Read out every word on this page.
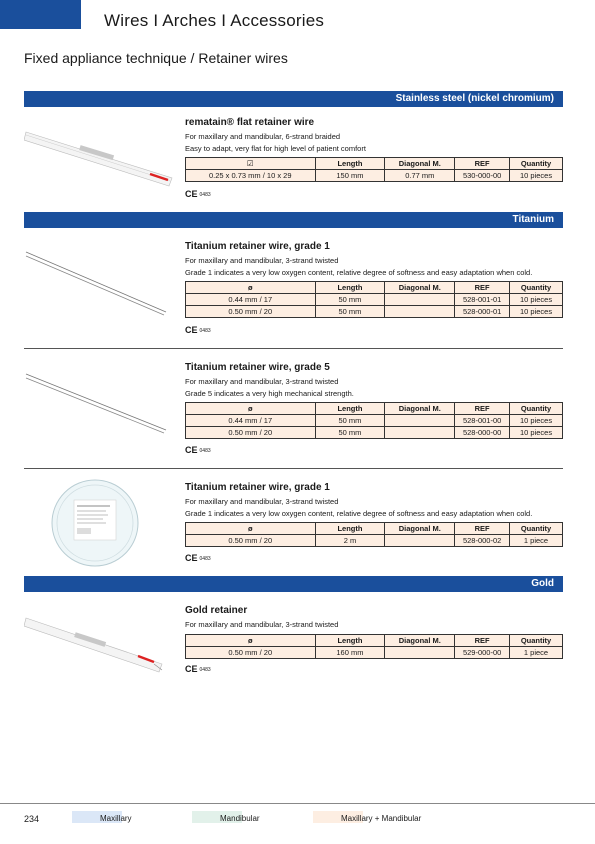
Wires I Arches I Accessories
Fixed appliance technique / Retainer wires
Stainless steel (nickel chromium)
rematain® flat retainer wire
For maxillary and mandibular, 6-strand braided
Easy to adapt, very flat for high level of patient comfort
☑	Length	Diagonal M.	REF	Quantity
0.25 x 0.73 mm / 10 x 29	150 mm	0.77 mm	530-000-00	10 pieces
CE 0483
Titanium
Titanium retainer wire, grade 1
For maxillary and mandibular, 3-strand twisted
Grade 1 indicates a very low oxygen content, relative degree of softness and easy adaptation when cold.
ø	Length	Diagonal M.	REF	Quantity
0.44 mm / 17	50 mm		528-001-01	10 pieces
0.50 mm / 20	50 mm		528-000-01	10 pieces
CE 0483
Titanium retainer wire, grade 5
For maxillary and mandibular, 3-strand twisted
Grade 5 indicates a very high mechanical strength.
ø	Length	Diagonal M.	REF	Quantity
0.44 mm / 17	50 mm		528-001-00	10 pieces
0.50 mm / 20	50 mm		528-000-00	10 pieces
CE 0483
Titanium retainer wire, grade 1
For maxillary and mandibular, 3-strand twisted
Grade 1 indicates a very low oxygen content, relative degree of softness and easy adaptation when cold.
ø	Length	Diagonal M.	REF	Quantity
0.50 mm / 20	2 m		528-000-02	1 piece
CE 0483
Gold
Gold retainer
For maxillary and mandibular, 3-strand twisted
ø	Length	Diagonal M.	REF	Quantity
0.50 mm / 20	160 mm		529-000-00	1 piece
CE 0483
234	Maxillary	Mandibular	Maxillary + Mandibular
